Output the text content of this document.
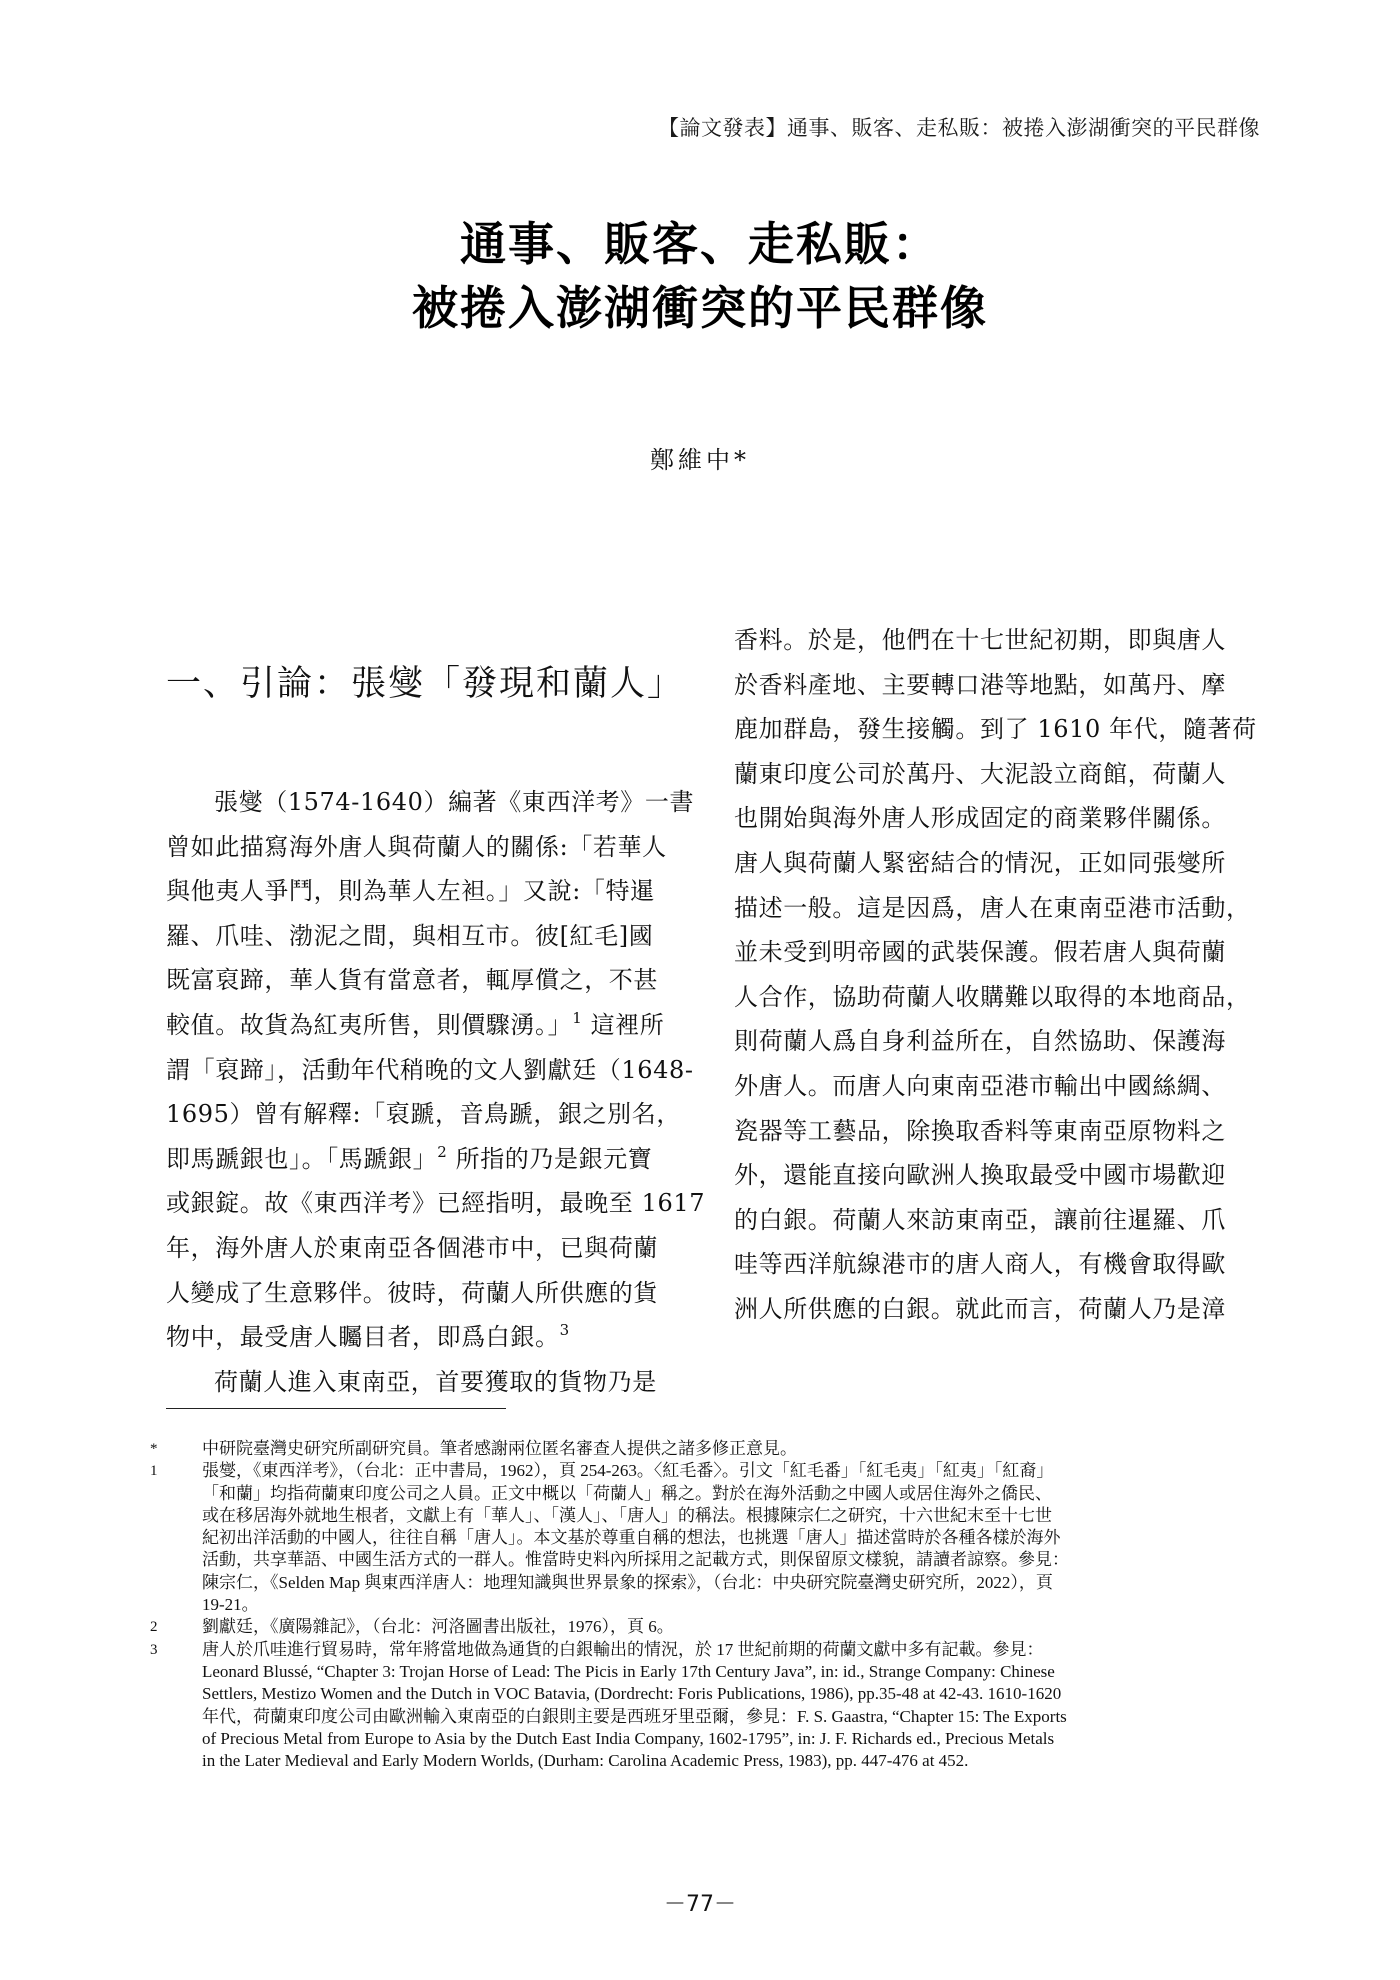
【論文發表】通事、販客、走私販：被捲入澎湖衝突的平民群像
通事、販客、走私販：
被捲入澎湖衝突的平民群像
鄭維中*
一、引論：張燮「發現和蘭人」
張燮（1574-1640）編著《東西洋考》一書
曾如此描寫海外唐人與荷蘭人的關係:「若華人
與他夷人爭鬥，則為華人左袒。」又說:「特暹
羅、爪哇、渤泥之間，與相互市。彼[紅毛]國
既富裒蹄，華人貨有當意者，輒厚償之，不甚
較值。故貨為紅夷所售，則價驟湧。」$^1$ 這裡所
謂「裒蹄」，活動年代稍晚的文人劉獻廷（1648-
1695）曾有解釋:「裒蹏，音鳥蹏，銀之別名，
即馬蹏銀也」。「馬蹏銀」$^2$ 所指的乃是銀元寶
或銀錠。故《東西洋考》已經指明，最晚至 1617
年，海外唐人於東南亞各個港市中，已與荷蘭
人變成了生意夥伴。彼時，荷蘭人所供應的貨
物中，最受唐人矚目者，即爲白銀。$^3$
荷蘭人進入東南亞，首要獲取的貨物乃是
香料。於是，他們在十七世紀初期，即與唐人
於香料產地、主要轉口港等地點，如萬丹、摩
鹿加群島，發生接觸。到了 1610 年代，隨著荷
蘭東印度公司於萬丹、大泥設立商館，荷蘭人
也開始與海外唐人形成固定的商業夥伴關係。
唐人與荷蘭人緊密結合的情況，正如同張燮所
描述一般。這是因爲，唐人在東南亞港市活動，
並未受到明帝國的武裝保護。假若唐人與荷蘭
人合作，協助荷蘭人收購難以取得的本地商品，
則荷蘭人爲自身利益所在，自然協助、保護海
外唐人。而唐人向東南亞港市輸出中國絲綢、
瓷器等工藝品，除換取香料等東南亞原物料之
外，還能直接向歐洲人換取最受中國市場歡迎
的白銀。荷蘭人來訪東南亞，讓前往暹羅、爪
哇等西洋航線港市的唐人商人，有機會取得歐
洲人所供應的白銀。就此而言，荷蘭人乃是漳
*	中研院臺灣史研究所副研究員。筆者感謝兩位匿名審查人提供之諸多修正意見。
1	張燮，《東西洋考》，（台北：正中書局，1962），頁 254-263。〈紅毛番〉。引文「紅毛番」「紅毛夷」「紅夷」「紅裔」
「和蘭」均指荷蘭東印度公司之人員。正文中概以「荷蘭人」稱之。對於在海外活動之中國人或居住海外之僑民、
或在移居海外就地生根者，文獻上有「華人」、「漢人」、「唐人」的稱法。根據陳宗仁之研究，十六世紀末至十七世
紀初出洋活動的中國人，往往自稱「唐人」。本文基於尊重自稱的想法，也挑選「唐人」描述當時於各種各樣於海外
活動，共享華語、中國生活方式的一群人。惟當時史料內所採用之記載方式，則保留原文樣貌，請讀者諒察。參見：
陳宗仁，《Selden Map 與東西洋唐人：地理知識與世界景象的探索》，（台北：中央研究院臺灣史研究所，2022），頁
19-21。
2	劉獻廷，《廣陽雜記》，（台北：河洛圖書出版社，1976），頁 6。
3	唐人於爪哇進行貿易時，常年將當地做為通貨的白銀輸出的情況，於 17 世紀前期的荷蘭文獻中多有記載。參見：
Leonard Blussé, “Chapter 3: Trojan Horse of Lead: The Picis in Early 17th Century Java”, in: id., Strange Company: Chinese
Settlers, Mestizo Women and the Dutch in VOC Batavia, (Dordrecht: Foris Publications, 1986), pp.35-48 at 42-43. 1610-1620
年代，荷蘭東印度公司由歐洲輸入東南亞的白銀則主要是西班牙里亞爾，參見：F. S. Gaastra, “Chapter 15: The Exports
of Precious Metal from Europe to Asia by the Dutch East India Company, 1602-1795”, in: J. F. Richards ed., Precious Metals
in the Later Medieval and Early Modern Worlds, (Durham: Carolina Academic Press, 1983), pp. 447-476 at 452.
－77－
